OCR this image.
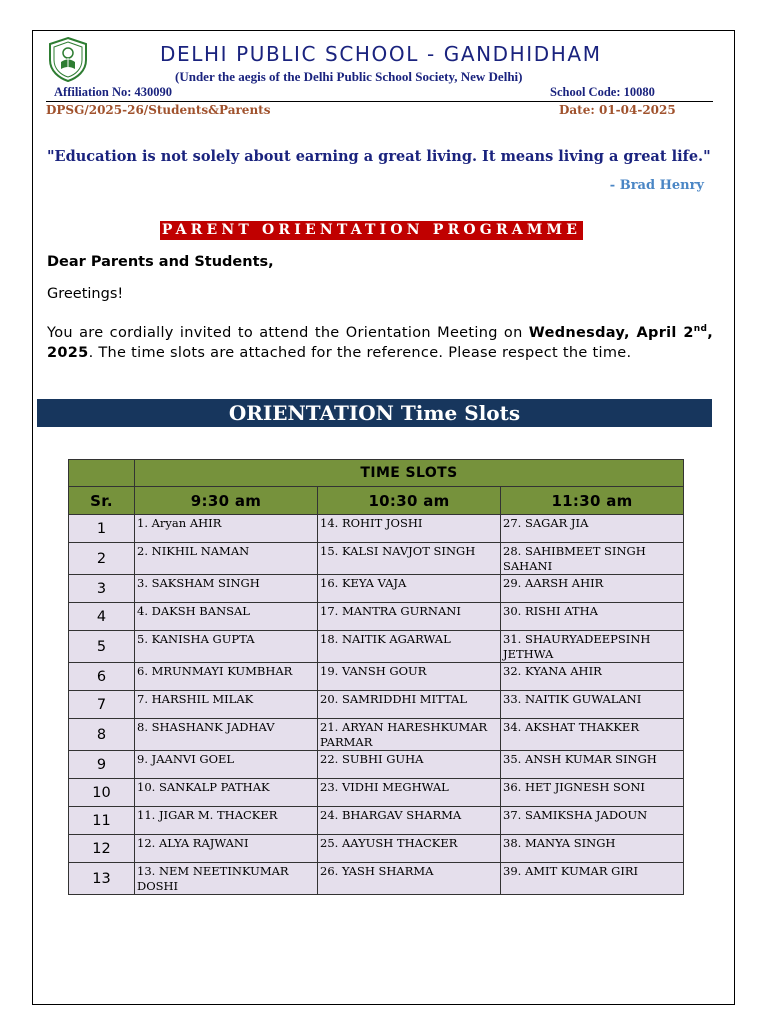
DELHI PUBLIC SCHOOL - GANDHIDHAM
(Under the aegis of the Delhi Public School Society, New Delhi)
Affiliation No: 430090	School Code: 10080
DPSG/2025-26/Students&Parents	Date: 01-04-2025
"Education is not solely about earning a great living. It means living a great life."
- Brad Henry
PARENT ORIENTATION PROGRAMME
Dear Parents and Students,
Greetings!
You are cordially invited to attend the Orientation Meeting on Wednesday, April 2nd, 2025. The time slots are attached for the reference. Please respect the time.
ORIENTATION Time Slots
	TIME SLOTS		
Sr.	9:30 am	10:30 am	11:30 am
1	1. Aryan AHIR	14. ROHIT JOSHI	27. SAGAR JIA
2	2. NIKHIL NAMAN	15. KALSI NAVJOT SINGH	28. SAHIBMEET SINGH SAHANI
3	3. SAKSHAM SINGH	16. KEYA VAJA	29. AARSH AHIR
4	4. DAKSH BANSAL	17. MANTRA GURNANI	30. RISHI ATHA
5	5. KANISHA GUPTA	18. NAITIK AGARWAL	31. SHAURYADEEPSINH JETHWA
6	6. MRUNMAYI KUMBHAR	19. VANSH GOUR	32. KYANA AHIR
7	7. HARSHIL MILAK	20. SAMRIDDHI MITTAL	33. NAITIK GUWALANI
8	8. SHASHANK JADHAV	21. ARYAN HARESHKUMAR PARMAR	34. AKSHAT THAKKER
9	9. JAANVI GOEL	22. SUBHI GUHA	35. ANSH KUMAR SINGH
10	10. SANKALP PATHAK	23. VIDHI MEGHWAL	36. HET JIGNESH SONI
11	11. JIGAR M. THACKER	24. BHARGAV SHARMA	37. SAMIKSHA JADOUN
12	12. ALYA RAJWANI	25. AAYUSH THACKER	38. MANYA SINGH
13	13. NEM NEETINKUMAR DOSHI	26. YASH SHARMA	39. AMIT KUMAR GIRI
